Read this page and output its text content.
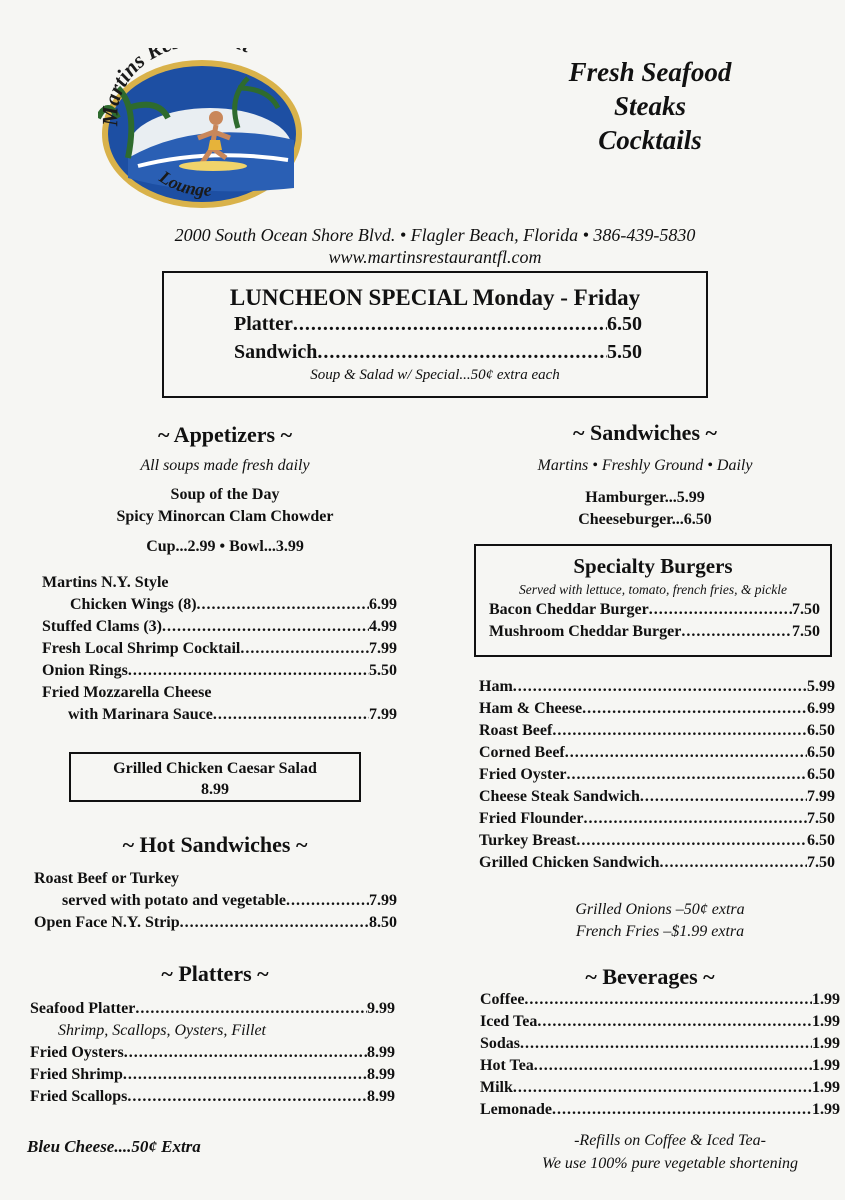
Martins R
Lounge
Fresh Seafood
Steaks
Cocktails
2000 South Ocean Shore Blvd. • Flagler Beach, Florida • 386-439-5830
www.martinsrestaurantfl.com
LUNCHEON SPECIAL Monday - Friday
Platter .....	6.50
Sandwich .....	5.50
Soup & Salad w/ Special...50¢ extra each
~ Appetizers ~
All soups made fresh daily
Soup of the Day
Spicy Minorcan Clam Chowder
Cup...2.99 • Bowl...3.99
Martins N.Y. Style
Chicken Wings (8) .....	6.99
Stuffed Clams (3) .....	4.99
Fresh Local Shrimp Cocktail .....	7.99
Onion Rings .....	5.50
Fried Mozzarella Cheese
with Marinara Sauce .....	7.99
Grilled Chicken Caesar Salad
8.99
~ Hot Sandwiches ~
Roast Beef or Turkey
served with potato and vegetable .....	7.99
Open Face N.Y. Strip .....	8.50
~ Platters ~
Seafood Platter .....	9.99
Shrimp, Scallops, Oysters, Fillet
Fried Oysters .....	8.99
Fried Shrimp .....	8.99
Fried Scallops .....	8.99
Bleu Cheese....50¢ Extra
~ Sandwiches ~
Martins • Freshly Ground • Daily
Hamburger...5.99
Cheeseburger...6.50
Specialty Burgers
Served with lettuce, tomato, french fries, & pickle
Bacon Cheddar Burger .....	7.50
Mushroom Cheddar Burger .....	7.50
Ham .....	5.99
Ham & Cheese .....	6.99
Roast Beef .....	6.50
Corned Beef .....	6.50
Fried Oyster .....	6.50
Cheese Steak Sandwich .....	7.99
Fried Flounder .....	7.50
Turkey Breast .....	6.50
Grilled Chicken Sandwich .....	7.50
Grilled Onions –50¢ extra
French Fries –$1.99 extra
~ Beverages ~
Coffee .....	1.99
Iced Tea .....	1.99
Sodas .....	1.99
Hot Tea .....	1.99
Milk .....	1.99
Lemonade .....	1.99
-Refills on Coffee & Iced Tea-
We use 100% pure vegetable shortening
